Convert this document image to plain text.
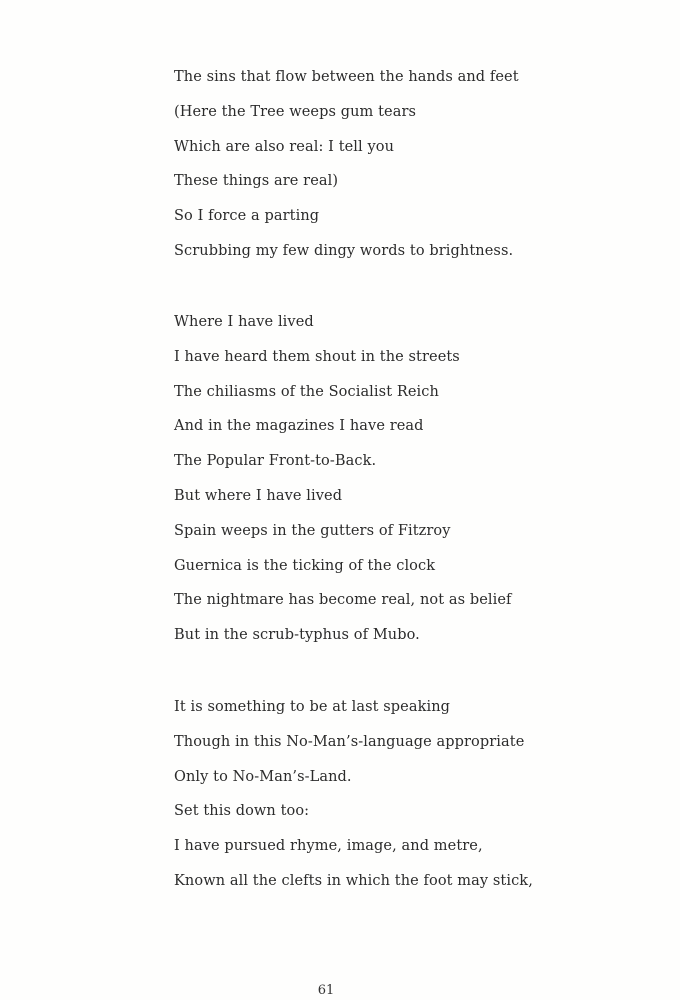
The sins that flow between the hands and feet
(Here the Tree weeps gum tears
Which are also real: I tell you
These things are real)
So I force a parting
Scrubbing my few dingy words to brightness.
Where I have lived
I have heard them shout in the streets
The chiliasms of the Socialist Reich
And in the magazines I have read
The Popular Front-to-Back.
But where I have lived
Spain weeps in the gutters of Fitzroy
Guernica is the ticking of the clock
The nightmare has become real, not as belief
But in the scrub-typhus of Mubo.
It is something to be at last speaking
Though in this No-Man’s-language appropriate
Only to No-Man’s-Land.
Set this down too:
I have pursued rhyme, image, and metre,
Known all the clefts in which the foot may stick,
61
